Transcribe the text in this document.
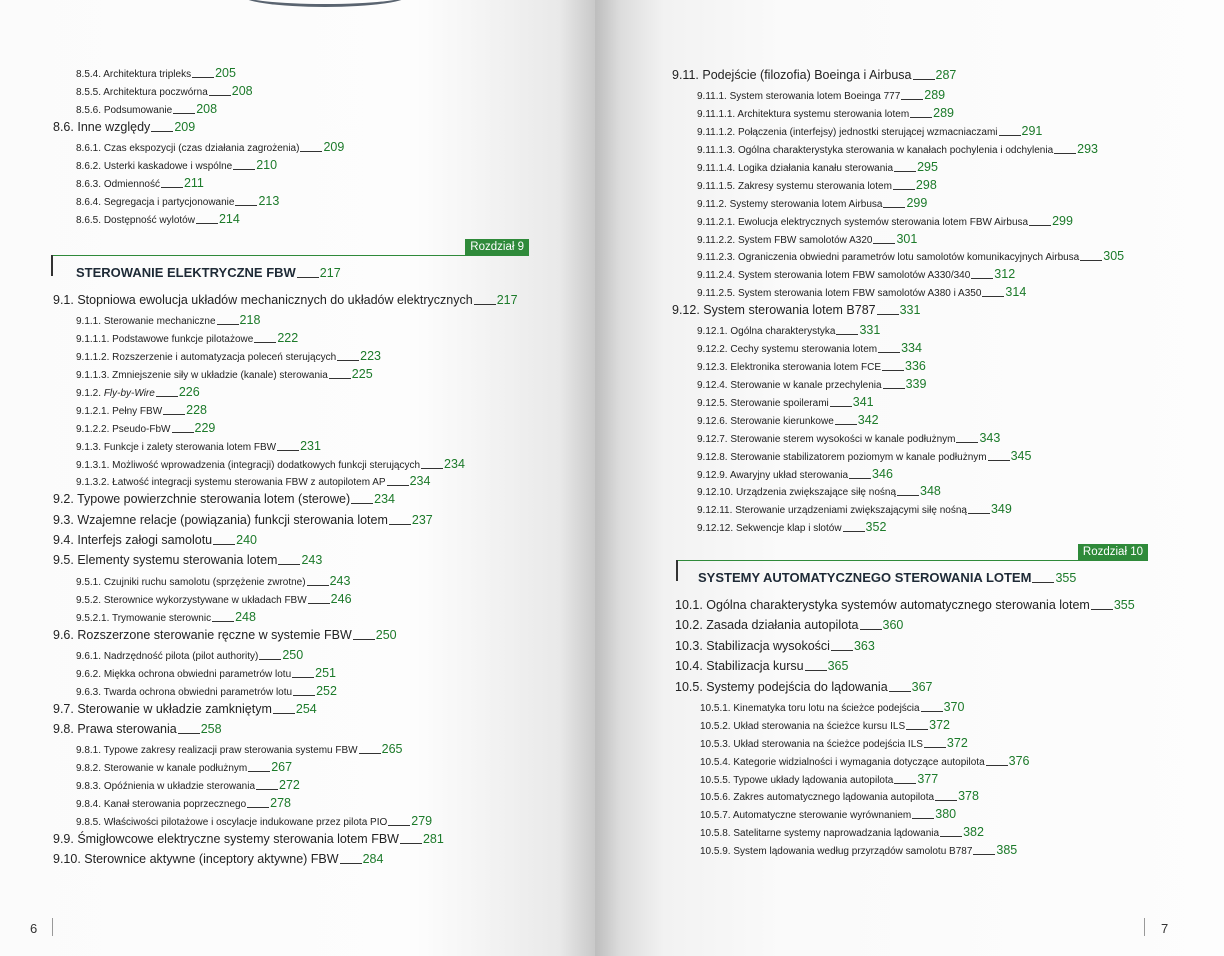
8.5.4. Architektura tripleks 205
8.5.5. Architektura poczwórna 208
8.5.6. Podsumowanie 208
8.6. Inne względy 209
8.6.1. Czas ekspozycji (czas działania zagrożenia) 209
8.6.2. Usterki kaskadowe i wspólne 210
8.6.3. Odmienność 211
8.6.4. Segregacja i partycjonowanie 213
8.6.5. Dostępność wylotów 214
Rozdział 9
STEROWANIE ELEKTRYCZNE FBW 217
9.1. Stopniowa ewolucja układów mechanicznych do układów elektrycznych 217
9.1.1. Sterowanie mechaniczne 218
9.1.1.1. Podstawowe funkcje pilotażowe 222
9.1.1.2. Rozszerzenie i automatyzacja poleceń sterujących 223
9.1.1.3. Zmniejszenie siły w układzie (kanale) sterowania 225
9.1.2. Fly-by-Wire 226
9.1.2.1. Pełny FBW 228
9.1.2.2. Pseudo-FbW 229
9.1.3. Funkcje i zalety sterowania lotem FBW 231
9.1.3.1. Możliwość wprowadzenia (integracji) dodatkowych funkcji sterujących 234
9.1.3.2. Łatwość integracji systemu sterowania FBW z autopilotem AP 234
9.2. Typowe powierzchnie sterowania lotem (sterowe) 234
9.3. Wzajemne relacje (powiązania) funkcji sterowania lotem 237
9.4. Interfejs załogi samolotu 240
9.5. Elementy systemu sterowania lotem 243
9.5.1. Czujniki ruchu samolotu (sprzężenie zwrotne) 243
9.5.2. Sterownice wykorzystywane w układach FBW 246
9.5.2.1. Trymowanie sterownic 248
9.6. Rozszerzone sterowanie ręczne w systemie FBW 250
9.6.1. Nadrzędność pilota (pilot authority) 250
9.6.2. Miękka ochrona obwiedni parametrów lotu 251
9.6.3. Twarda ochrona obwiedni parametrów lotu 252
9.7. Sterowanie w układzie zamkniętym 254
9.8. Prawa sterowania 258
9.8.1. Typowe zakresy realizacji praw sterowania systemu FBW 265
9.8.2. Sterowanie w kanale podłużnym 267
9.8.3. Opóźnienia w układzie sterowania 272
9.8.4. Kanał sterowania poprzecznego 278
9.8.5. Właściwości pilotażowe i oscylacje indukowane przez pilota PIO 279
9.9. Śmigłowcowe elektryczne systemy sterowania lotem FBW 281
9.10. Sterownice aktywne (inceptory aktywne) FBW 284
6
9.11. Podejście (filozofia) Boeinga i Airbusa 287
9.11.1. System sterowania lotem Boeinga 777 289
9.11.1.1. Architektura systemu sterowania lotem 289
9.11.1.2. Połączenia (interfejsy) jednostki sterującej wzmacniaczami 291
9.11.1.3. Ogólna charakterystyka sterowania w kanałach pochylenia i odchylenia 293
9.11.1.4. Logika działania kanału sterowania 295
9.11.1.5. Zakresy systemu sterowania lotem 298
9.11.2. Systemy sterowania lotem Airbusa 299
9.11.2.1. Ewolucja elektrycznych systemów sterowania lotem FBW Airbusa 299
9.11.2.2. System FBW samolotów A320 301
9.11.2.3. Ograniczenia obwiedni parametrów lotu samolotów komunikacyjnych Airbusa 305
9.11.2.4. System sterowania lotem FBW samolotów A330/340 312
9.11.2.5. System sterowania lotem FBW samolotów A380 i A350 314
9.12. System sterowania lotem B787 331
9.12.1. Ogólna charakterystyka 331
9.12.2. Cechy systemu sterowania lotem 334
9.12.3. Elektronika sterowania lotem FCE 336
9.12.4. Sterowanie w kanale przechylenia 339
9.12.5. Sterowanie spoilerami 341
9.12.6. Sterowanie kierunkowe 342
9.12.7. Sterowanie sterem wysokości w kanale podłużnym 343
9.12.8. Sterowanie stabilizatorem poziomym w kanale podłużnym 345
9.12.9. Awaryjny układ sterowania 346
9.12.10. Urządzenia zwiększające siłę nośną 348
9.12.11. Sterowanie urządzeniami zwiększającymi siłę nośną 349
9.12.12. Sekwencje klap i slotów 352
Rozdział 10
SYSTEMY AUTOMATYCZNEGO STEROWANIA LOTEM 355
10.1. Ogólna charakterystyka systemów automatycznego sterowania lotem 355
10.2. Zasada działania autopilota 360
10.3. Stabilizacja wysokości 363
10.4. Stabilizacja kursu 365
10.5. Systemy podejścia do lądowania 367
10.5.1. Kinematyka toru lotu na ścieżce podejścia 370
10.5.2. Układ sterowania na ścieżce kursu ILS 372
10.5.3. Układ sterowania na ścieżce podejścia ILS 372
10.5.4. Kategorie widzialności i wymagania dotyczące autopilota 376
10.5.5. Typowe układy lądowania autopilota 377
10.5.6. Zakres automatycznego lądowania autopilota 378
10.5.7. Automatyczne sterowanie wyrównaniem 380
10.5.8. Satelitarne systemy naprowadzania lądowania 382
10.5.9. System lądowania według przyrządów samolotu B787 385
7
